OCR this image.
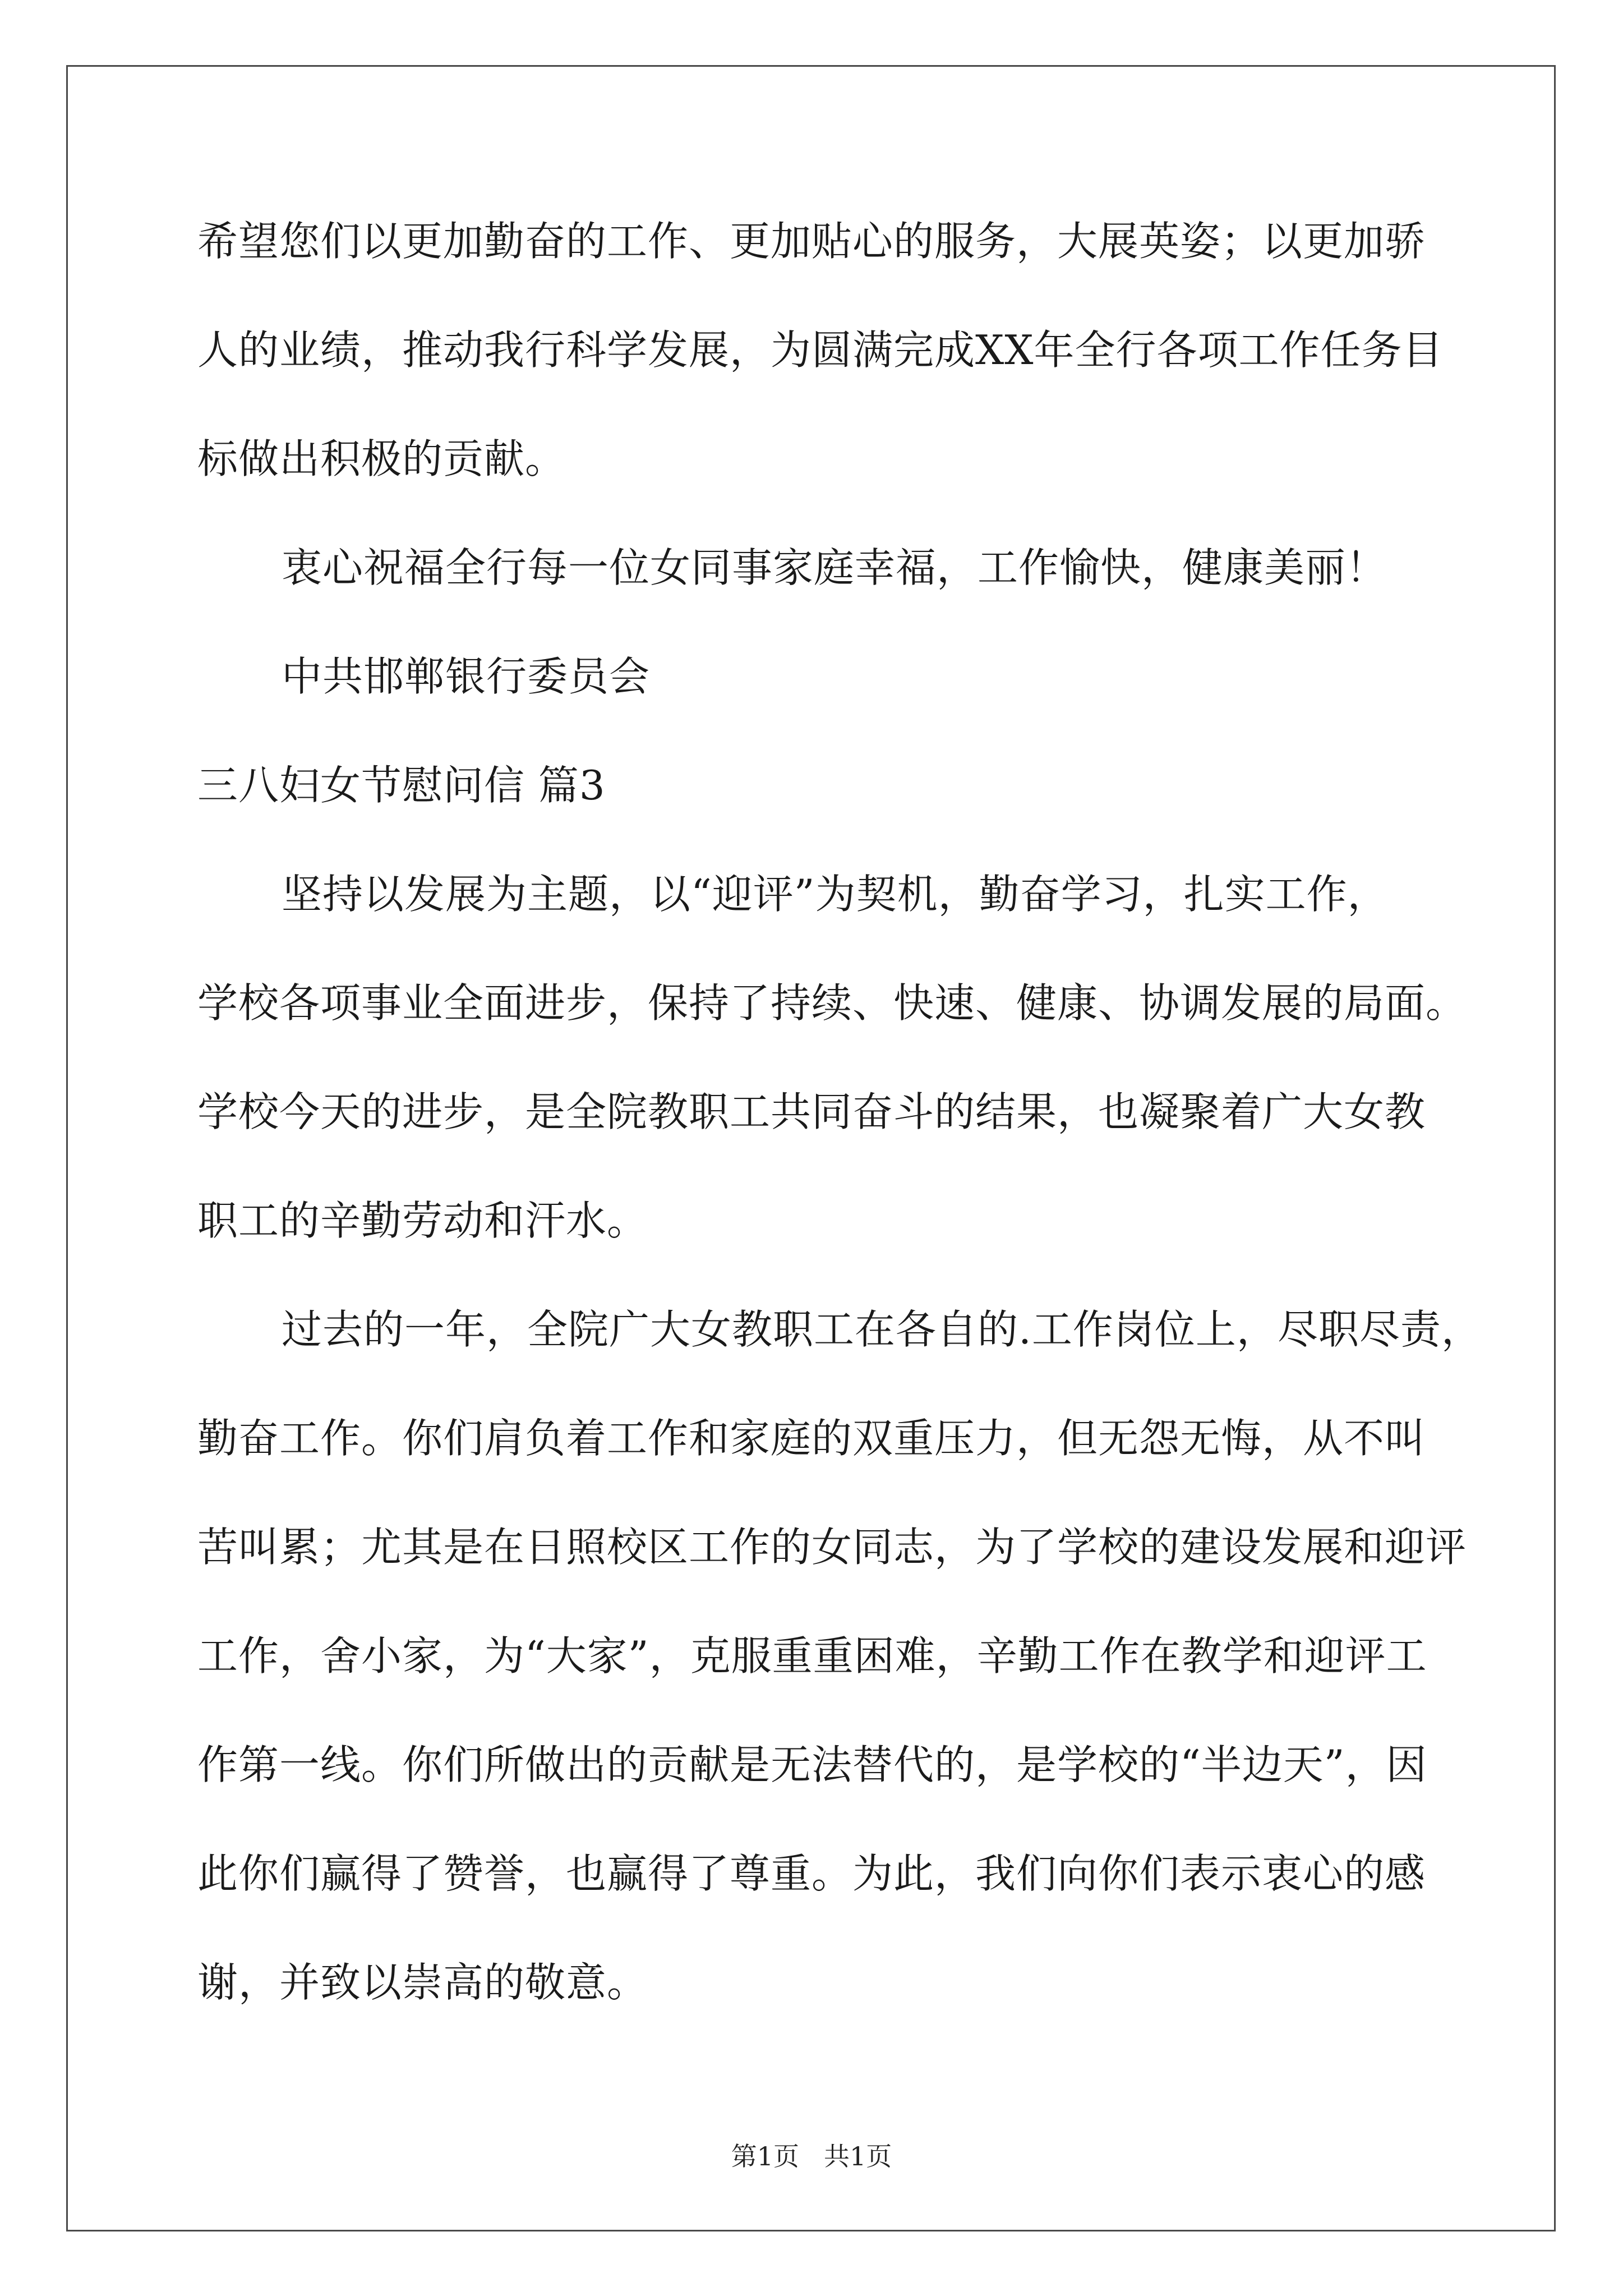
希望您们以更加勤奋的工作、更加贴心的服务，大展英姿；以更加骄
人的业绩，推动我行科学发展，为圆满完成XX年全行各项工作任务目
标做出积极的贡献。
衷心祝福全行每一位女同事家庭幸福，工作愉快，健康美丽！
中共邯郸银行委员会
三八妇女节慰问信 篇3
坚持以发展为主题，以“迎评”为契机，勤奋学习，扎实工作，
学校各项事业全面进步，保持了持续、快速、健康、协调发展的局面。
学校今天的进步，是全院教职工共同奋斗的结果，也凝聚着广大女教
职工的辛勤劳动和汗水。
过去的一年，全院广大女教职工在各自的.工作岗位上，尽职尽责，
勤奋工作。你们肩负着工作和家庭的双重压力，但无怨无悔，从不叫
苦叫累；尤其是在日照校区工作的女同志，为了学校的建设发展和迎评
工作，舍小家，为“大家”，克服重重困难，辛勤工作在教学和迎评工
作第一线。你们所做出的贡献是无法替代的，是学校的“半边天”，因
此你们赢得了赞誉，也赢得了尊重。为此，我们向你们表示衷心的感
谢，并致以崇高的敬意。
第1页 共1页
